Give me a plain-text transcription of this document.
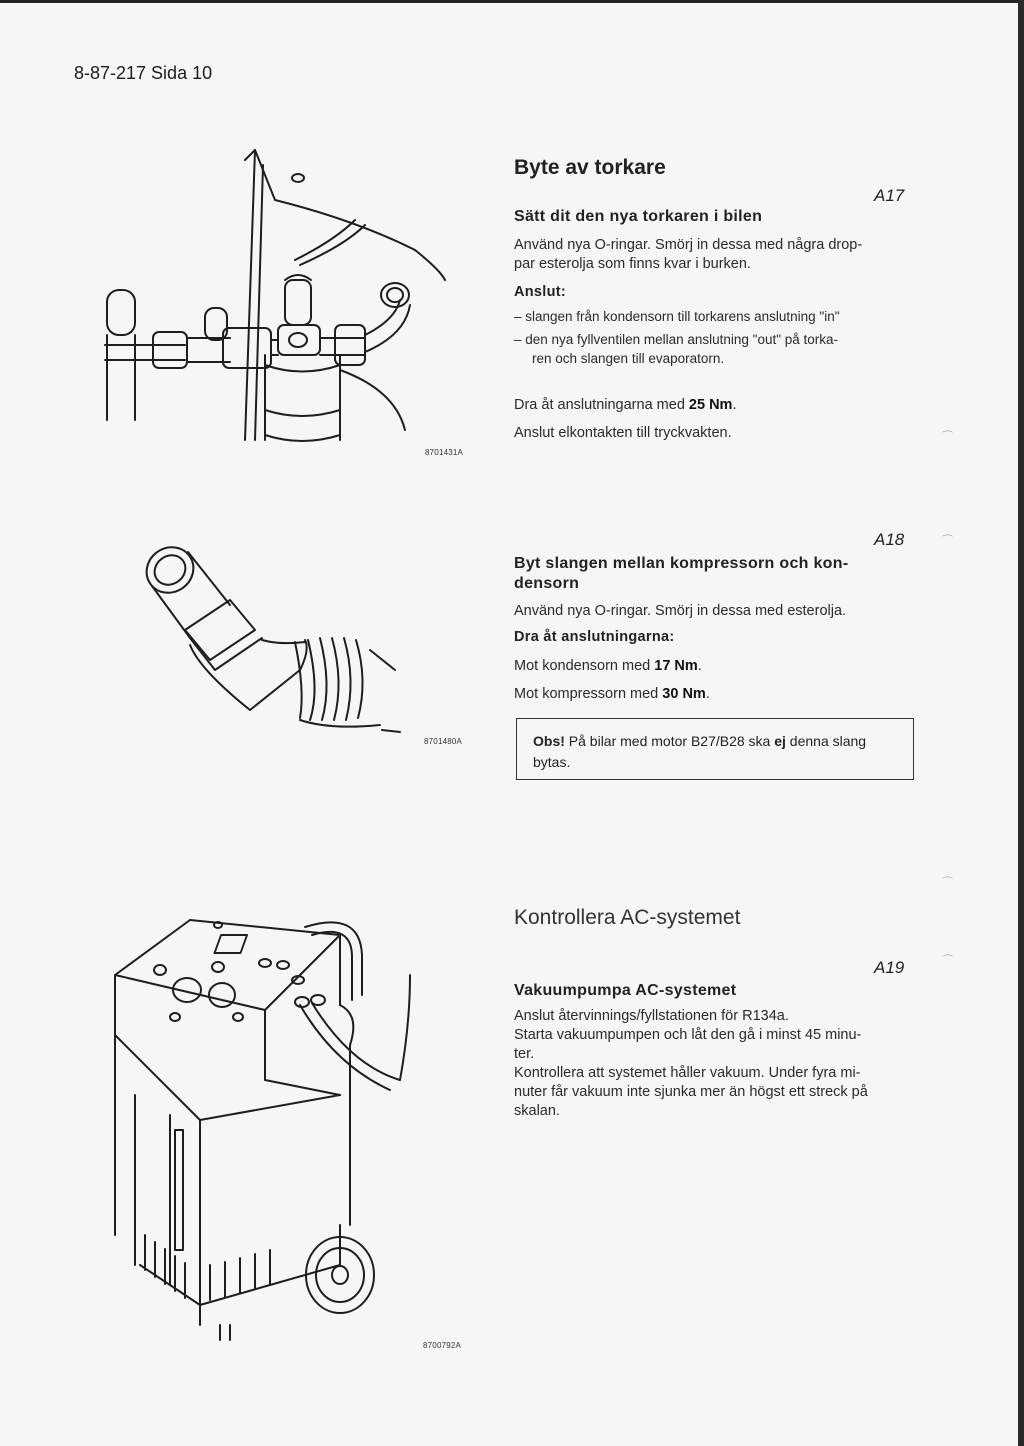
8-87-217 Sida 10
8701431A
Byte av torkare
A17
Sätt dit den nya torkaren i bilen
Använd nya O-ringar. Smörj in dessa med några drop-
par esterolja som finns kvar i burken.
Anslut:
– slangen från kondensorn till torkarens anslutning "in"
– den nya fyllventilen mellan anslutning "out" på torka-
ren och slangen till evaporatorn.
Dra åt anslutningarna med 25 Nm.
Anslut elkontakten till tryckvakten.	⌒
8701480A
A18	⌒
Byt slangen mellan kompressorn och kon-
densorn
Använd nya O-ringar. Smörj in dessa med esterolja.
Dra åt anslutningarna:
Mot kondensorn med 17 Nm.
Mot kompressorn med 30 Nm.
Obs! På bilar med motor B27/B28 ska ej denna slang
bytas.
⌒
8700792A
Kontrollera AC-systemet
A19	⌒
Vakuumpumpa AC-systemet
Anslut återvinnings/fyllstationen för R134a.
Starta vakuumpumpen och låt den gå i minst 45 minu-
ter.
Kontrollera att systemet håller vakuum. Under fyra mi-
nuter får vakuum inte sjunka mer än högst ett streck på
skalan.
